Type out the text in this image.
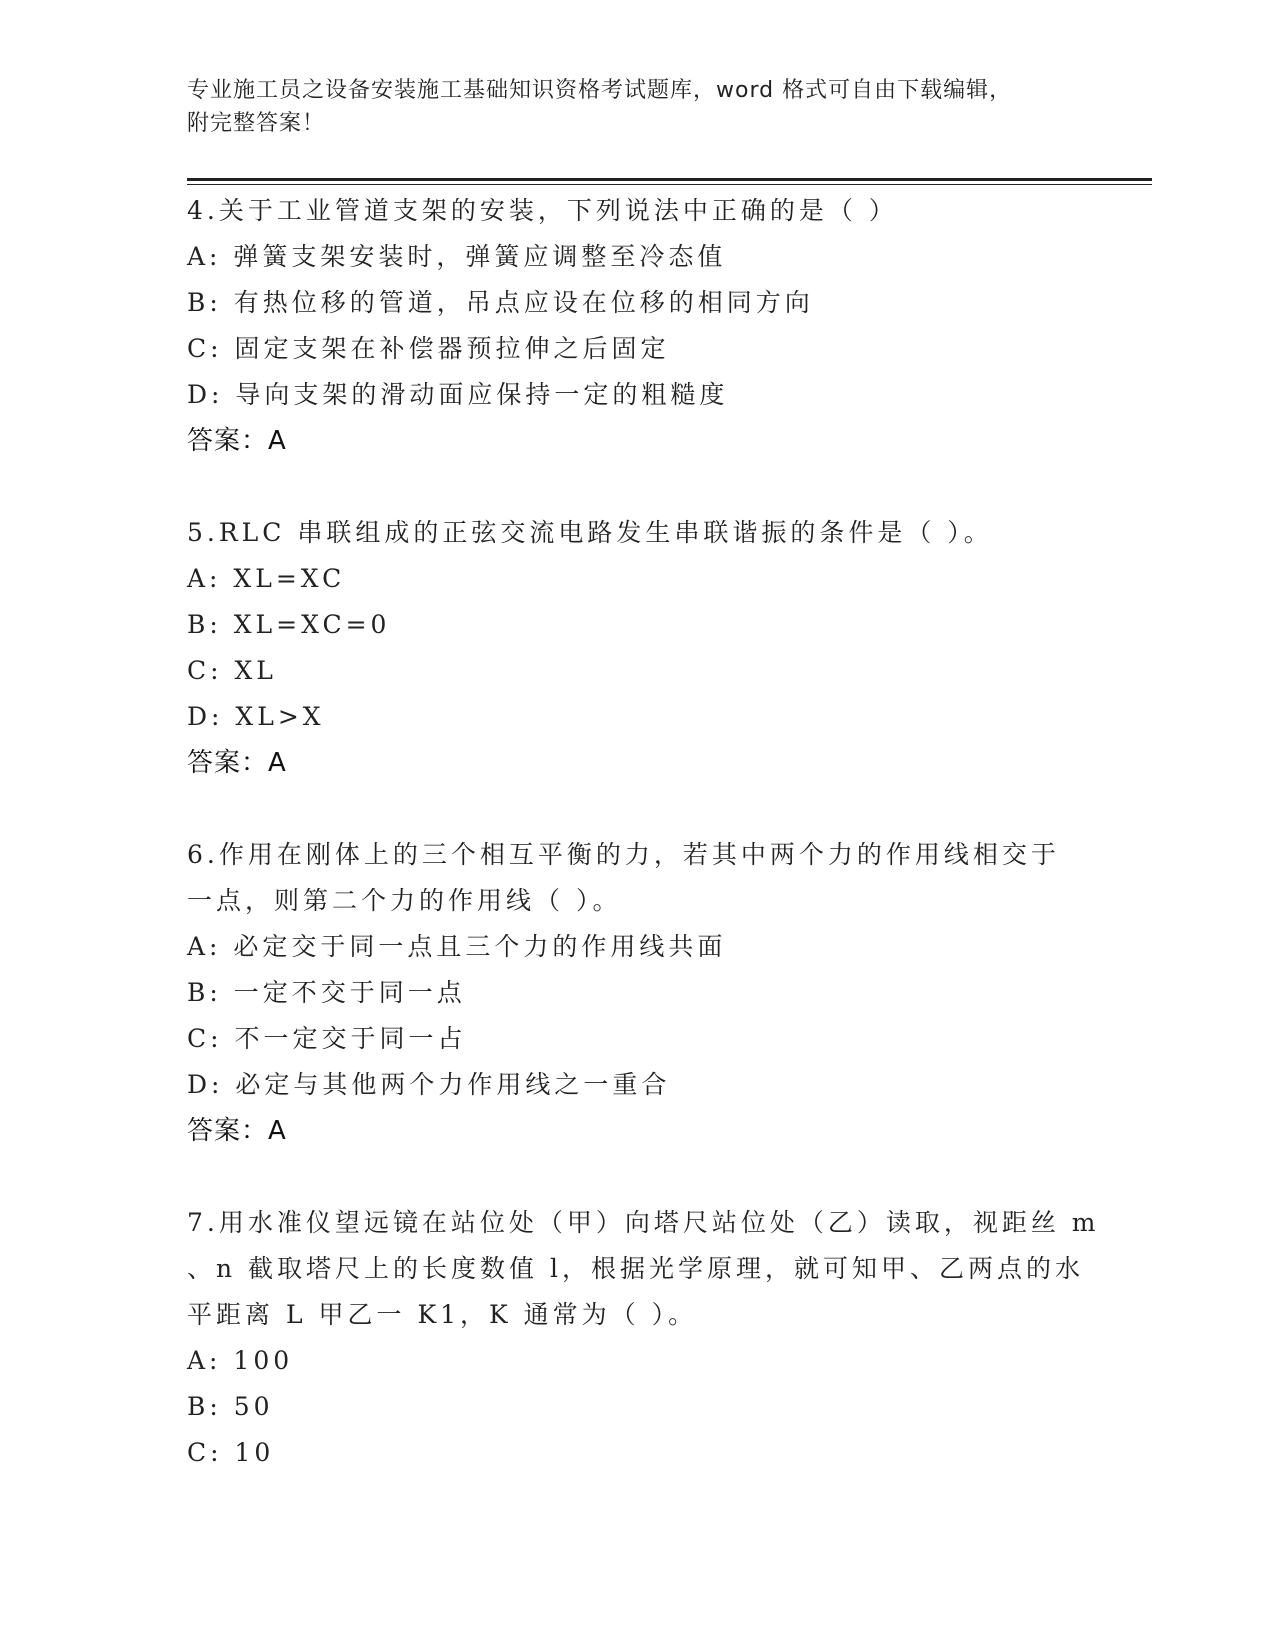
专业施工员之设备安装施工基础知识资格考试题库，word 格式可自由下载编辑，
附完整答案！
4.关于工业管道支架的安装，下列说法中正确的是（ ）
A: 弹簧支架安装时，弹簧应调整至冷态值
B: 有热位移的管道，吊点应设在位移的相同方向
C: 固定支架在补偿器预拉伸之后固定
D: 导向支架的滑动面应保持一定的粗糙度
答案：A
5.RLC 串联组成的正弦交流电路发生串联谐振的条件是（ ）。
A: XL=XC
B: XL=XC=0
C: XL
D: XL>X
答案：A
6.作用在刚体上的三个相互平衡的力，若其中两个力的作用线相交于
一点，则第二个力的作用线（ ）。
A: 必定交于同一点且三个力的作用线共面
B: 一定不交于同一点
C: 不一定交于同一占
D: 必定与其他两个力作用线之一重合
答案：A
7.用水准仪望远镜在站位处（甲）向塔尺站位处（乙）读取，视距丝 m
、n 截取塔尺上的长度数值 l，根据光学原理，就可知甲、乙两点的水
平距离 L 甲乙一 K1，K 通常为（ ）。
A: 100
B: 50
C: 10
